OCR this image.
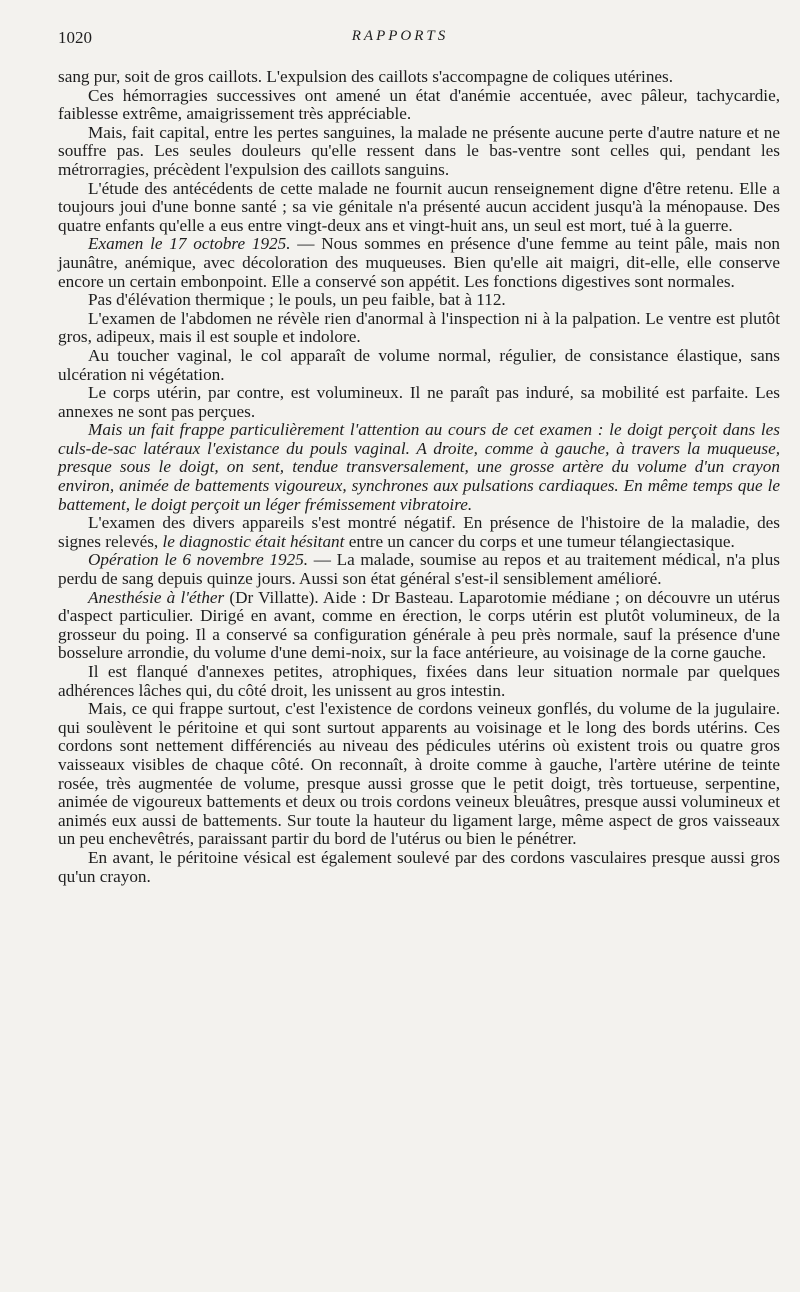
1020	RAPPORTS

sang pur, soit de gros caillots. L'expulsion des caillots s'accompagne de coliques utérines.

Ces hémorragies successives ont amené un état d'anémie accentuée, avec pâleur, tachycardie, faiblesse extrême, amaigrissement très appréciable.

Mais, fait capital, entre les pertes sanguines, la malade ne présente aucune perte d'autre nature et ne souffre pas. Les seules douleurs qu'elle ressent dans le bas-ventre sont celles qui, pendant les métrorragies, précèdent l'expulsion des caillots sanguins.

L'étude des antécédents de cette malade ne fournit aucun renseignement digne d'être retenu. Elle a toujours joui d'une bonne santé ; sa vie génitale n'a présenté aucun accident jusqu'à la ménopause. Des quatre enfants qu'elle a eus entre vingt-deux ans et vingt-huit ans, un seul est mort, tué à la guerre.

Examen le 17 octobre 1925. — Nous sommes en présence d'une femme au teint pâle, mais non jaunâtre, anémique, avec décoloration des muqueuses. Bien qu'elle ait maigri, dit-elle, elle conserve encore un certain embonpoint. Elle a conservé son appétit. Les fonctions digestives sont normales.

Pas d'élévation thermique ; le pouls, un peu faible, bat à 112.

L'examen de l'abdomen ne révèle rien d'anormal à l'inspection ni à la palpation. Le ventre est plutôt gros, adipeux, mais il est souple et indolore.

Au toucher vaginal, le col apparaît de volume normal, régulier, de consistance élastique, sans ulcération ni végétation.

Le corps utérin, par contre, est volumineux. Il ne paraît pas induré, sa mobilité est parfaite. Les annexes ne sont pas perçues.

Mais un fait frappe particulièrement l'attention au cours de cet examen : le doigt perçoit dans les culs-de-sac latéraux l'existance du pouls vaginal. A droite, comme à gauche, à travers la muqueuse, presque sous le doigt, on sent, tendue transversalement, une grosse artère du volume d'un crayon environ, animée de battements vigoureux, synchrones aux pulsations cardiaques. En même temps que le battement, le doigt perçoit un léger frémissement vibratoire.

L'examen des divers appareils s'est montré négatif. En présence de l'histoire de la maladie, des signes relevés, le diagnostic était hésitant entre un cancer du corps et une tumeur télangiectasique.

Opération le 6 novembre 1925. — La malade, soumise au repos et au traitement médical, n'a plus perdu de sang depuis quinze jours. Aussi son état général s'est-il sensiblement amélioré.

Anesthésie à l'éther (Dr Villatte). Aide : Dr Basteau. Laparotomie médiane ; on découvre un utérus d'aspect particulier. Dirigé en avant, comme en érection, le corps utérin est plutôt volumineux, de la grosseur du poing. Il a conservé sa configuration générale à peu près normale, sauf la présence d'une bosselure arrondie, du volume d'une demi-noix, sur la face antérieure, au voisinage de la corne gauche.

Il est flanqué d'annexes petites, atrophiques, fixées dans leur situation normale par quelques adhérences lâches qui, du côté droit, les unissent au gros intestin.

Mais, ce qui frappe surtout, c'est l'existence de cordons veineux gonflés, du volume de la jugulaire. qui soulèvent le péritoine et qui sont surtout apparents au voisinage et le long des bords utérins. Ces cordons sont nettement différenciés au niveau des pédicules utérins où existent trois ou quatre gros vaisseaux visibles de chaque côté. On reconnaît, à droite comme à gauche, l'artère utérine de teinte rosée, très augmentée de volume, presque aussi grosse que le petit doigt, très tortueuse, serpentine, animée de vigoureux battements et deux ou trois cordons veineux bleuâtres, presque aussi volumineux et animés eux aussi de battements. Sur toute la hauteur du ligament large, même aspect de gros vaisseaux un peu enchevêtrés, paraissant partir du bord de l'utérus ou bien le pénétrer.

En avant, le péritoine vésical est également soulevé par des cordons vasculaires presque aussi gros qu'un crayon.
